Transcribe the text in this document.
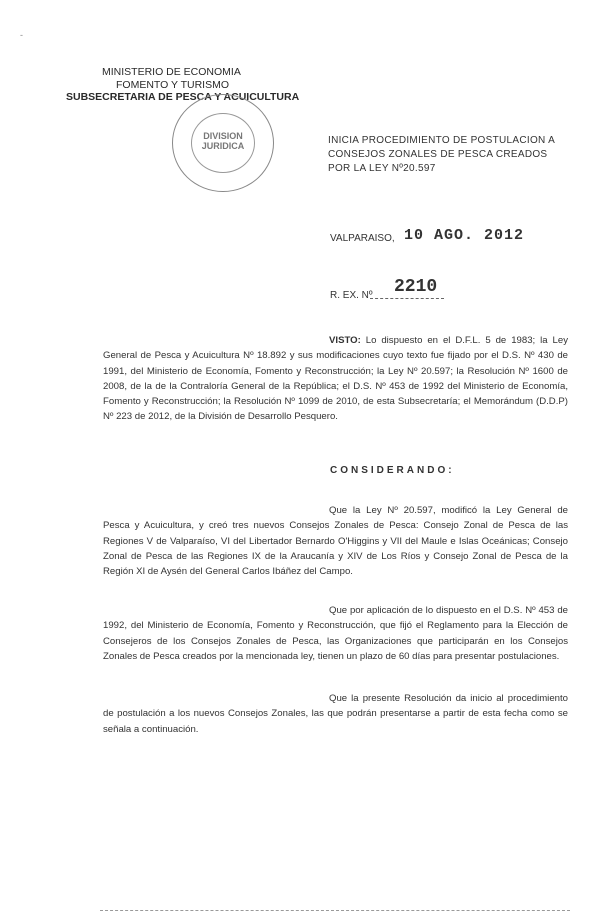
-
MINISTERIO DE ECONOMIA
FOMENTO Y TURISMO
SUBSECRETARIA DE PESCA Y ACUICULTURA
DIVISION
JURIDICA	INICIA PROCEDIMIENTO DE POSTULACION A CONSEJOS ZONALES DE PESCA CREADOS POR LA LEY Nº20.597
VALPARAISO, 10 AGO. 2012
R. EX. Nº 2210
VISTO: Lo dispuesto en el D.F.L. 5 de 1983; la Ley General de Pesca y Acuicultura Nº 18.892 y sus modificaciones cuyo texto fue fijado por el D.S. Nº 430 de 1991, del Ministerio de Economía, Fomento y Reconstrucción; la Ley Nº 20.597; la Resolución Nº 1600 de 2008, de la de la Contraloría General de la República; el D.S. Nº 453 de 1992 del Ministerio de Economía, Fomento y Reconstrucción; la Resolución Nº 1099 de 2010, de esta Subsecretaría; el Memorándum (D.D.P) Nº 223 de 2012, de la División de Desarrollo Pesquero.
CONSIDERANDO:
Que la Ley Nº 20.597, modificó la Ley General de Pesca y Acuicultura, y creó tres nuevos Consejos Zonales de Pesca: Consejo Zonal de Pesca de las Regiones V de Valparaíso, VI del Libertador Bernardo O'Higgins y VII del Maule e Islas Oceánicas; Consejo Zonal de Pesca de las Regiones IX de la Araucanía y XIV de Los Ríos y Consejo Zonal de Pesca de la Región XI de Aysén del General Carlos Ibáñez del Campo.
Que por aplicación de lo dispuesto en el D.S. Nº 453 de 1992, del Ministerio de Economía, Fomento y Reconstrucción, que fijó el Reglamento para la Elección de Consejeros de los Consejos Zonales de Pesca, las Organizaciones que participarán en los Consejos Zonales de Pesca creados por la mencionada ley, tienen un plazo de 60 días para presentar postulaciones.
Que la presente Resolución da inicio al procedimiento de postulación a los nuevos Consejos Zonales, las que podrán presentarse a partir de esta fecha como se señala a continuación.
